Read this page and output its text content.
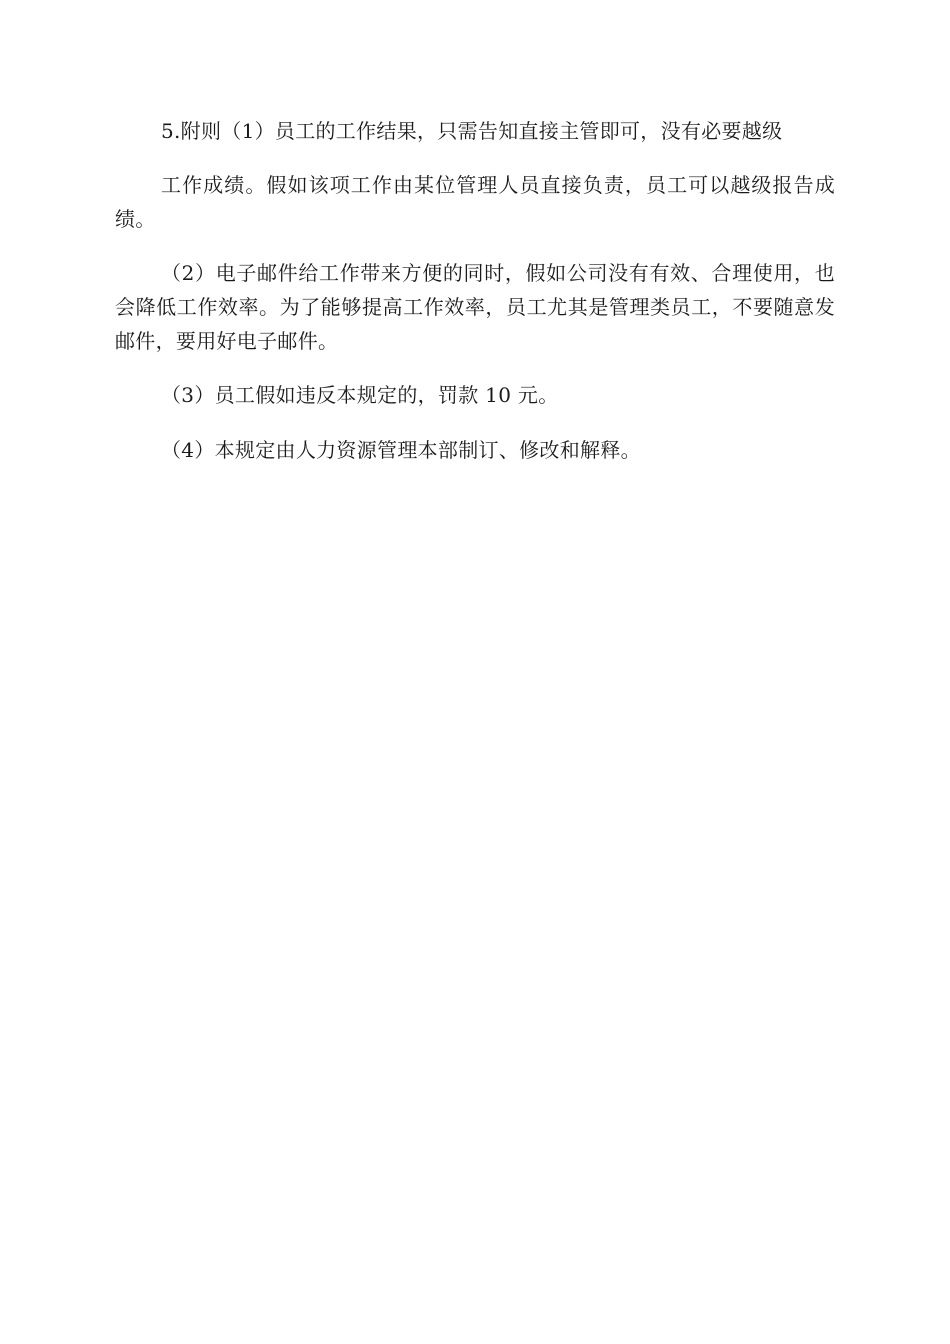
5.附则（1）员工的工作结果，只需告知直接主管即可，没有必要越级

工作成绩。假如该项工作由某位管理人员直接负责，员工可以越级报告成绩。

（2）电子邮件给工作带来方便的同时，假如公司没有有效、合理使用，也会降低工作效率。为了能够提高工作效率，员工尤其是管理类员工，不要随意发邮件，要用好电子邮件。

（3）员工假如违反本规定的，罚款 10 元。

（4）本规定由人力资源管理本部制订、修改和解释。
